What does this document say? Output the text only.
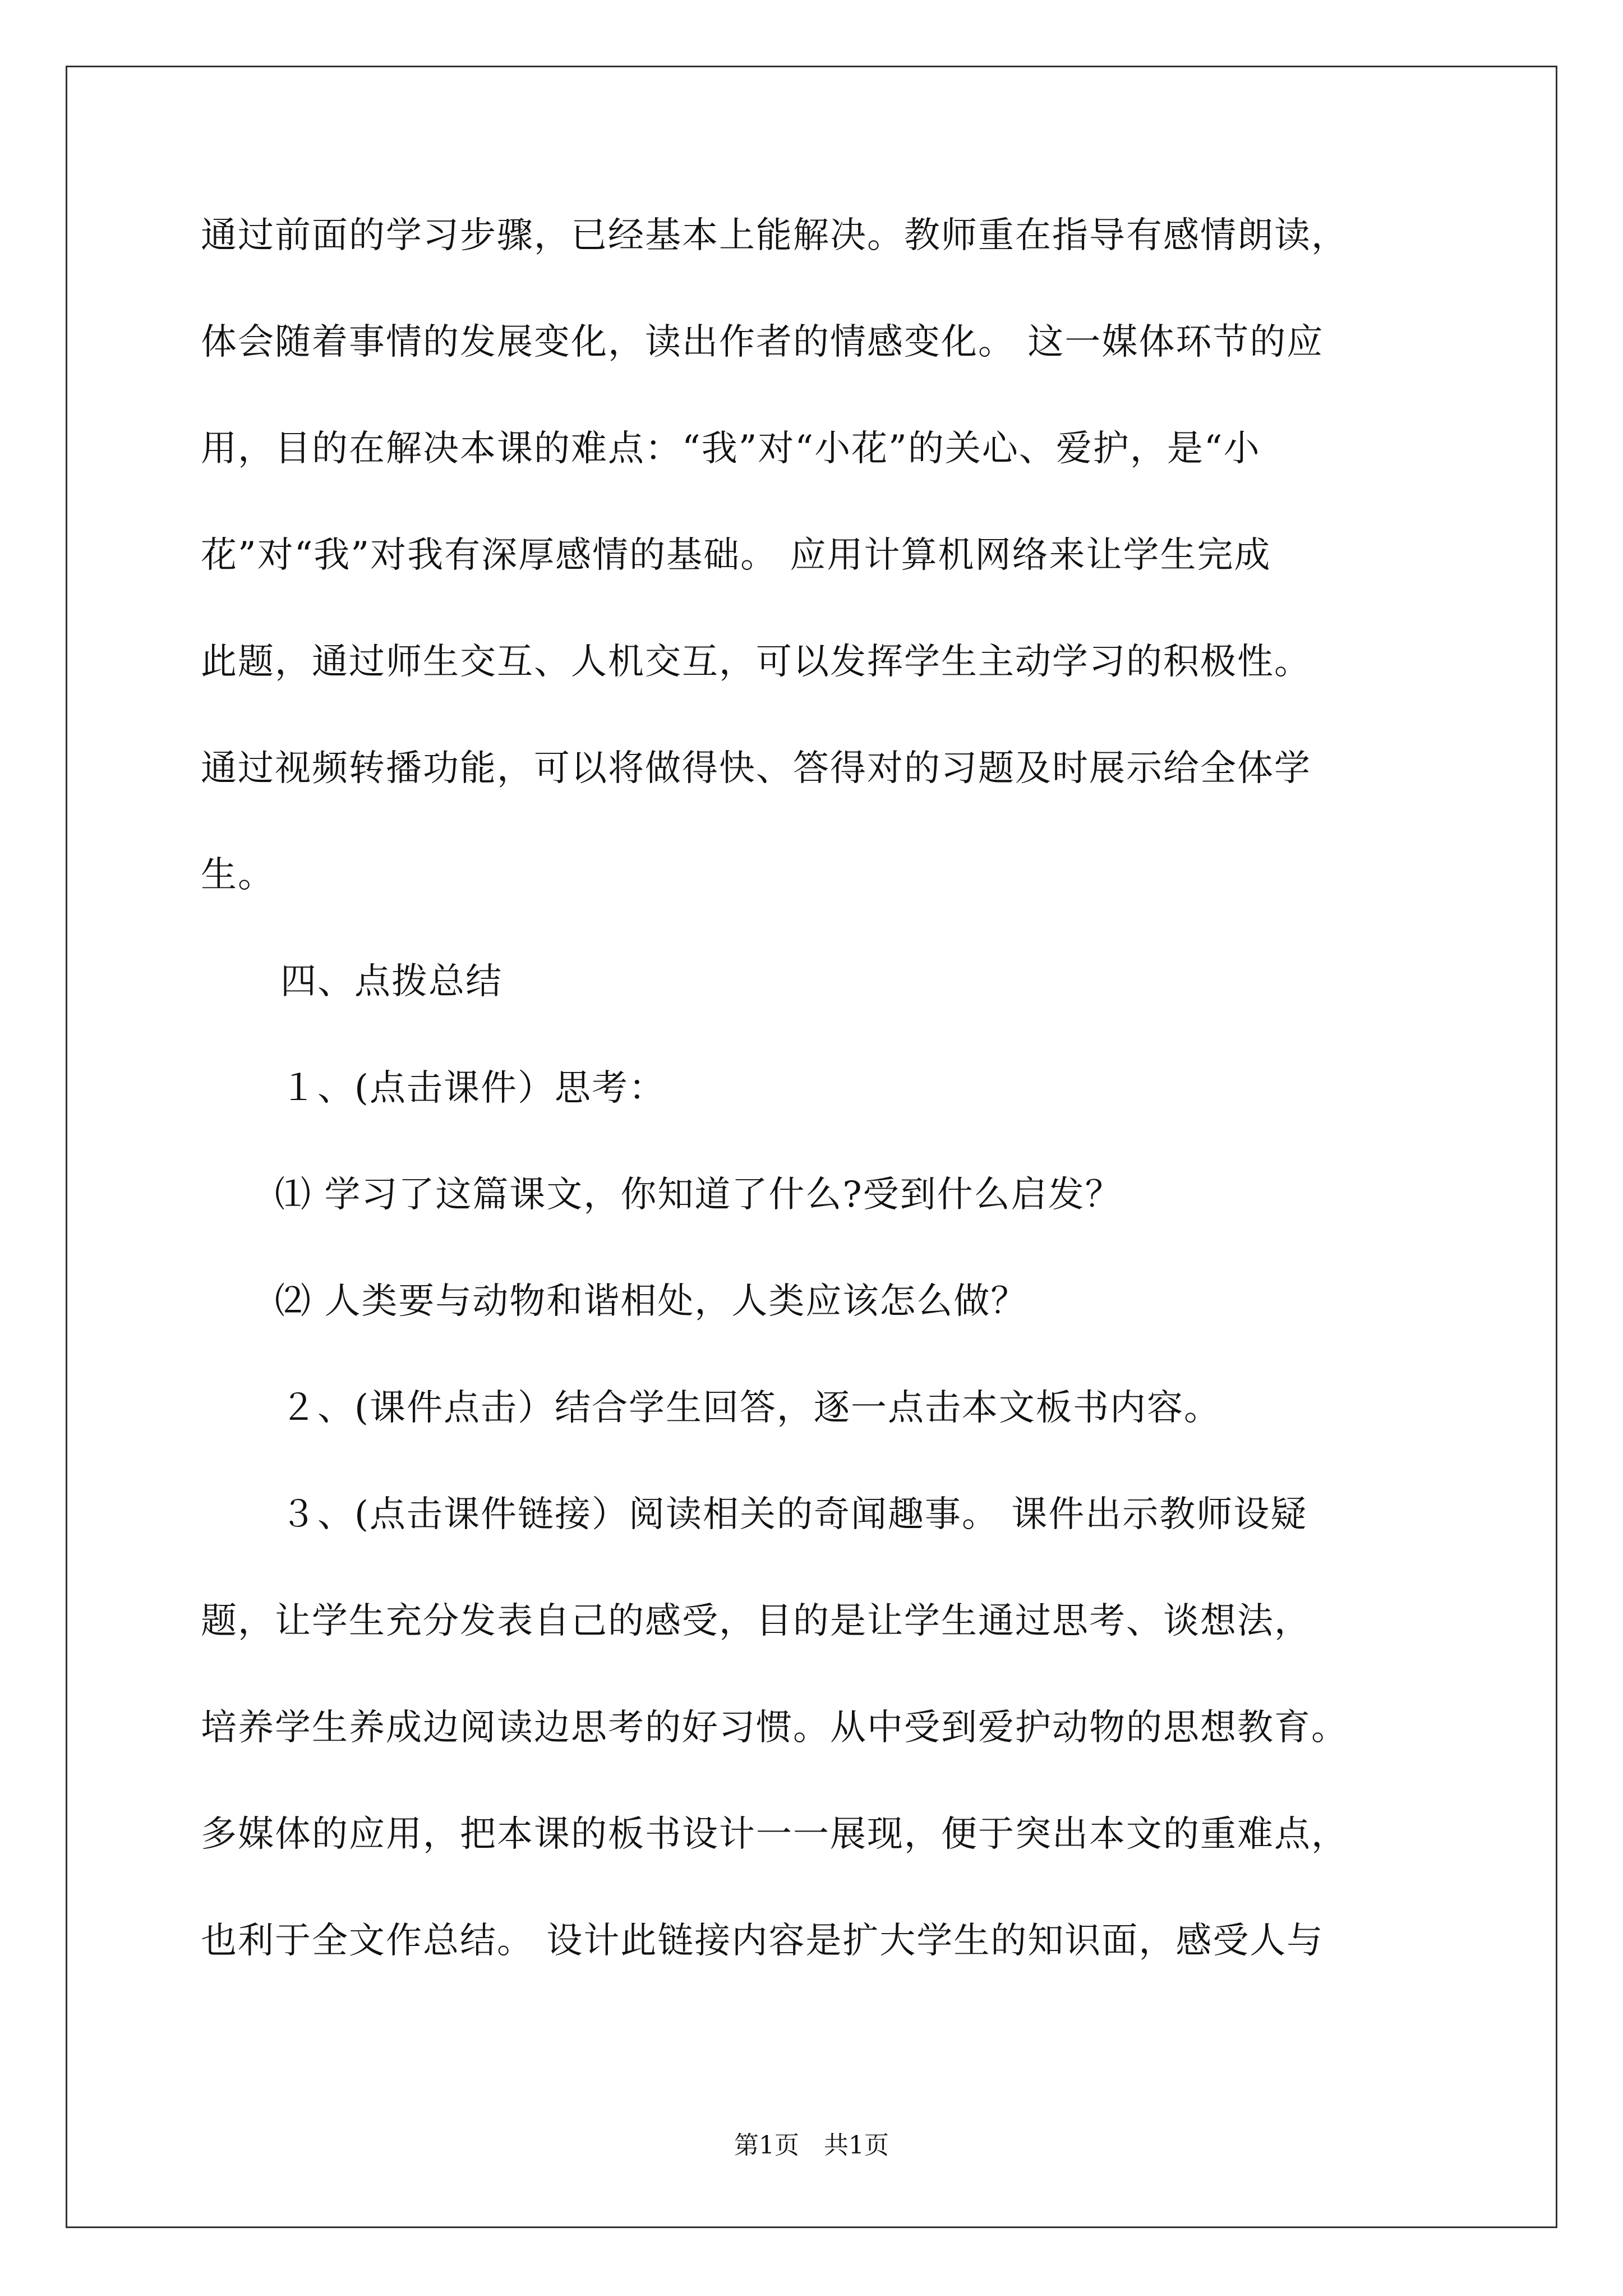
通过前面的学习步骤，已经基本上能解决。教师重在指导有感情朗读，
体会随着事情的发展变化，读出作者的情感变化。 这一媒体环节的应
用，目的在解决本课的难点：“我”对“小花”的关心、爱护，是“小
花”对“我”对我有深厚感情的基础。 应用计算机网络来让学生完成
此题，通过师生交互、人机交互，可以发挥学生主动学习的积极性。
通过视频转播功能，可以将做得快、答得对的习题及时展示给全体学
生。
四、点拨总结
１、(点击课件）思考：
⑴ 学习了这篇课文，你知道了什么?受到什么启发？
⑵ 人类要与动物和谐相处，人类应该怎么做？
２、(课件点击）结合学生回答，逐一点击本文板书内容。
３、(点击课件链接）阅读相关的奇闻趣事。 课件出示教师设疑
题，让学生充分发表自己的感受，目的是让学生通过思考、谈想法，
培养学生养成边阅读边思考的好习惯。从中受到爱护动物的思想教育。
多媒体的应用，把本课的板书设计一一展现，便于突出本文的重难点，
也利于全文作总结。 设计此链接内容是扩大学生的知识面，感受人与
第1页　共1页
